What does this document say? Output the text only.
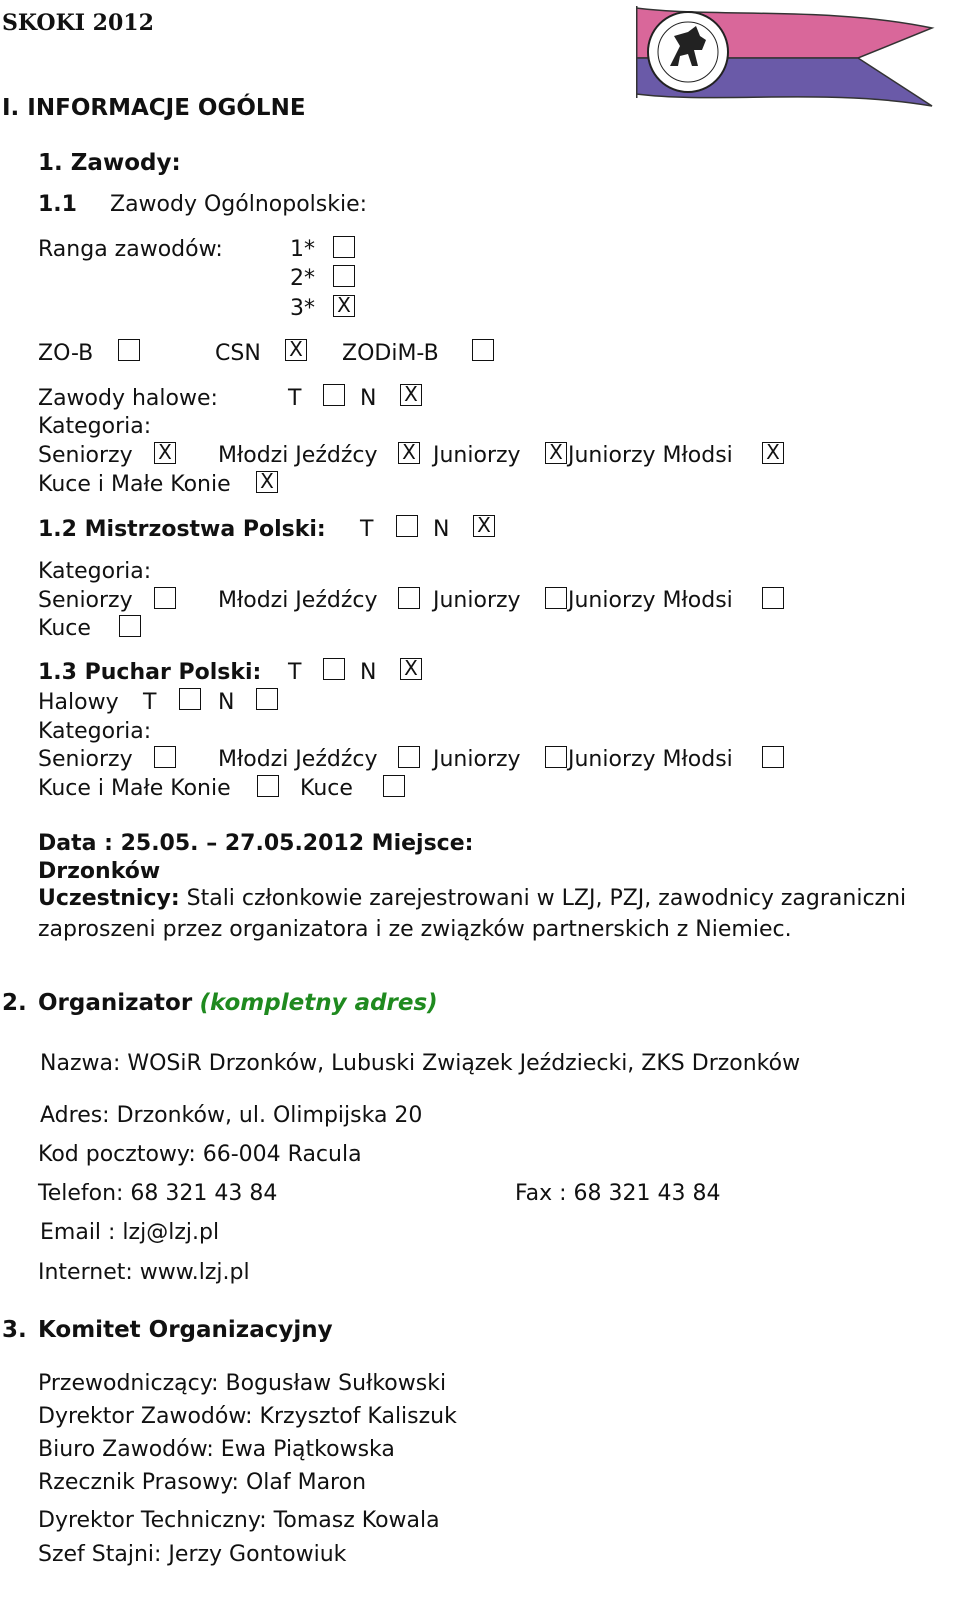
SKOKI 2012
I. INFORMACJE OGÓLNE
1. Zawody:
1.1 Zawody Ogólnopolskie:
Ranga zawodów:	1*
2*
3* X
ZO-B	CSN X ZODiM-B
Zawody halowe:	T	N X
Kategoria:
Seniorzy X Młodzi Jeźdźcy X Juniorzy X Juniorzy Młodsi X
Kuce i Małe Konie X
1.2 Mistrzostwa Polski: T	N X
Kategoria:
Seniorzy	Młodzi Jeźdźcy	Juniorzy Juniorzy Młodsi
Kuce
1.3 Puchar Polski: T	N X
Halowy T	N
Kategoria:
Seniorzy	Młodzi Jeźdźcy	Juniorzy Juniorzy Młodsi
Kuce i Małe Konie	Kuce
Data : 25.05. – 27.05.2012 Miejsce:
Drzonków
Uczestnicy: Stali członkowie zarejestrowani w LZJ, PZJ, zawodnicy zagraniczni
zaproszeni przez organizatora i ze związków partnerskich z Niemiec.
2. Organizator (kompletny adres)
Nazwa: WOSiR Drzonków, Lubuski Związek Jeździecki, ZKS Drzonków
Adres: Drzonków, ul. Olimpijska 20
Kod pocztowy: 66-004 Racula
Telefon: 68 321 43 84	Fax : 68 321 43 84
Email : lzj@lzj.pl
Internet: www.lzj.pl
3. Komitet Organizacyjny
Przewodniczący: Bogusław Sułkowski
Dyrektor Zawodów: Krzysztof Kaliszuk
Biuro Zawodów: Ewa Piątkowska
Rzecznik Prasowy: Olaf Maron
Dyrektor Techniczny: Tomasz Kowala
Szef Stajni: Jerzy Gontowiuk
